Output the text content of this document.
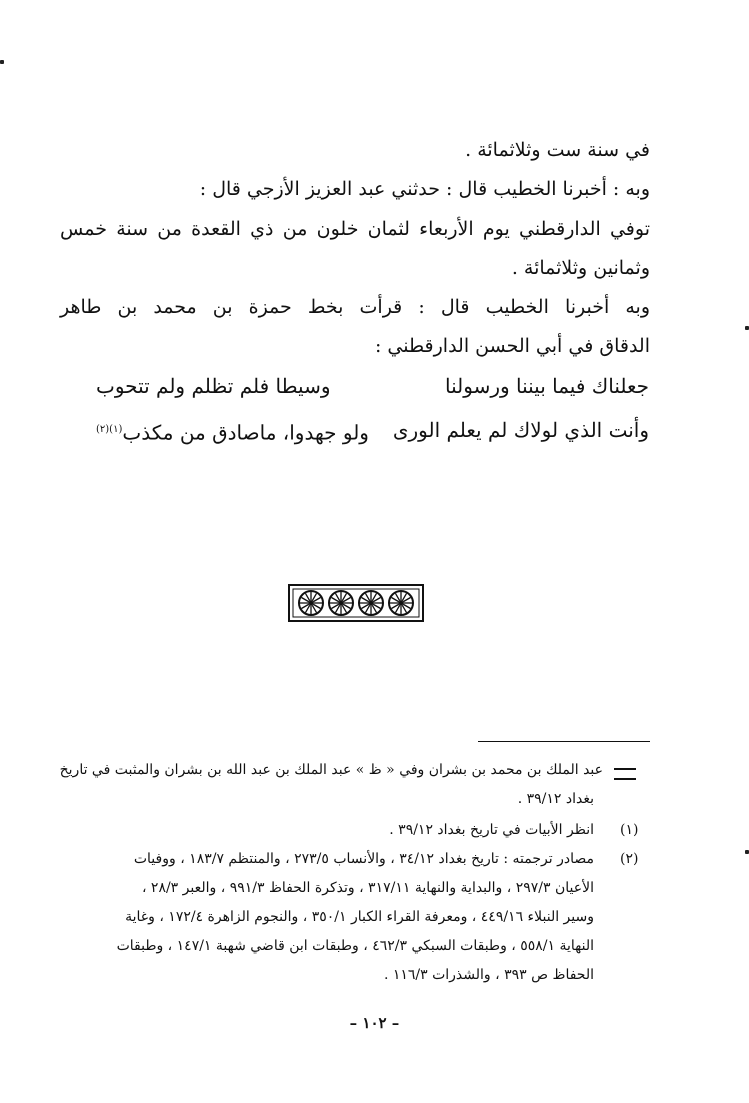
في سنة ست وثلاثمائة .
وبه : أخبرنا الخطيب قال : حدثني عبد العزيز الأزجي قال :
توفي الدارقطني يوم الأربعاء لثمان خلون من ذي القعدة من سنة خمس
وثمانين وثلاثمائة .
وبه أخبرنا الخطيب قال : قرأت بخط حمزة بن محمد بن طاهر
الدقاق في أبي الحسن الدارقطني :
جعلناك فيما بيننا ورسولنا
وسيطا فلم تظلم ولم تتحوب
وأنت الذي لولاك لم يعلم الورى
ولو جهدوا، ماصادق من مكذب$^{(١)(٢)}$
عبد الملك بن محمد بن بشران وفي « ظ » عبد الملك بن عبد الله بن بشران والمثبت في تاريخ
بغداد ٣٩/١٢ .
(١)
انظر الأبيات في تاريخ بغداد ٣٩/١٢ .
(٢)
مصادر ترجمته : تاريخ بغداد ٣٤/١٢ ، والأنساب ٢٧٣/٥ ، والمنتظم ١٨٣/٧ ، ووفيات
الأعيان ٢٩٧/٣ ، والبداية والنهاية ٣١٧/١١ ، وتذكرة الحفاظ ٩٩١/٣ ، والعبر ٢٨/٣ ،
وسير النبلاء ٤٤٩/١٦ ، ومعرفة القراء الكبار ٣٥٠/١ ، والنجوم الزاهرة ١٧٢/٤ ، وغاية
النهاية ٥٥٨/١ ، وطبقات السبكي ٤٦٢/٣ ، وطبقات ابن قاضي شهبة ١٤٧/١ ، وطبقات
الحفاظ ص ٣٩٣ ، والشذرات ١١٦/٣ .
– ١٠٢ –
